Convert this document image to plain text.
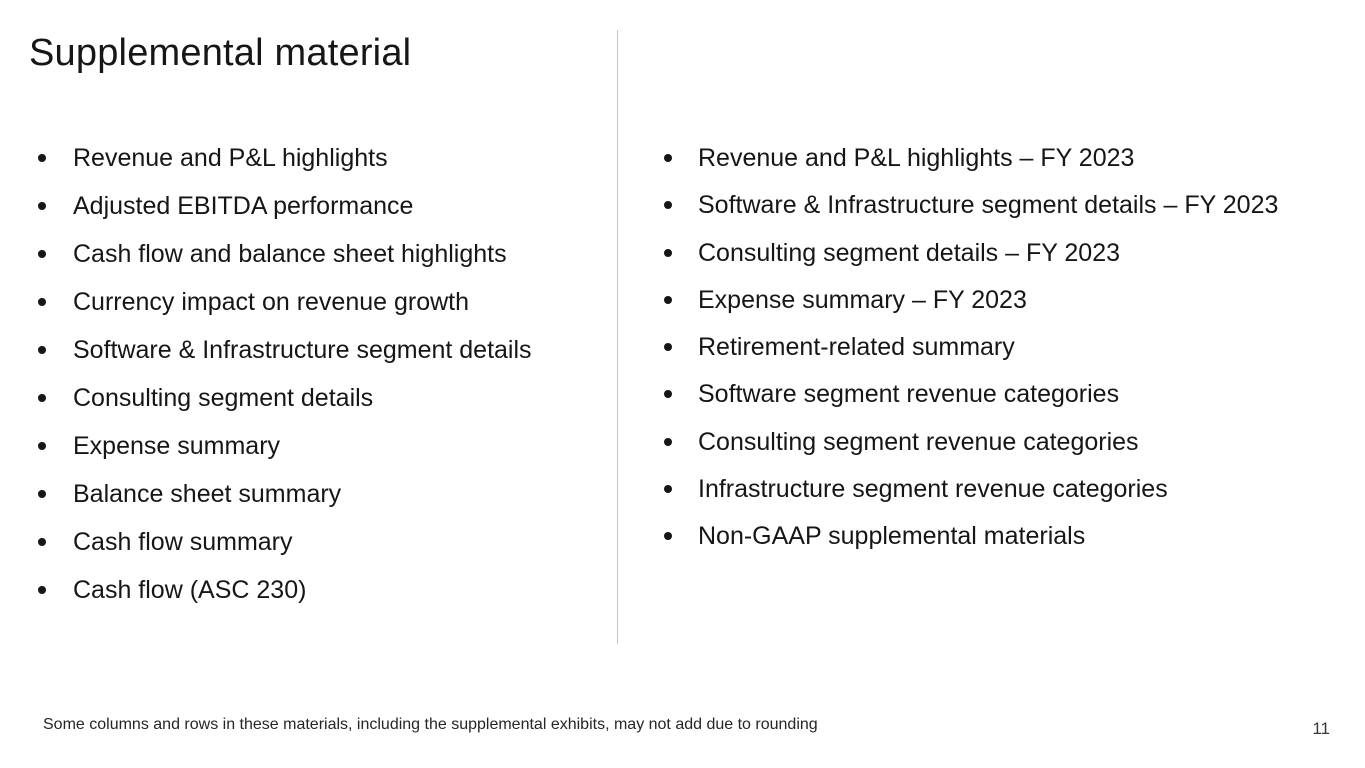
Supplemental material
Revenue and P&L highlights
Adjusted EBITDA performance
Cash flow and balance sheet highlights
Currency impact on revenue growth
Software & Infrastructure segment details
Consulting segment details
Expense summary
Balance sheet summary
Cash flow summary
Cash flow (ASC 230)
Revenue and P&L highlights – FY 2023
Software & Infrastructure segment details – FY 2023
Consulting segment details – FY 2023
Expense summary – FY 2023
Retirement-related summary
Software segment revenue categories
Consulting segment revenue categories
Infrastructure segment revenue categories
Non-GAAP supplemental materials
Some columns and rows in these materials, including the supplemental exhibits, may not add due to rounding	11
